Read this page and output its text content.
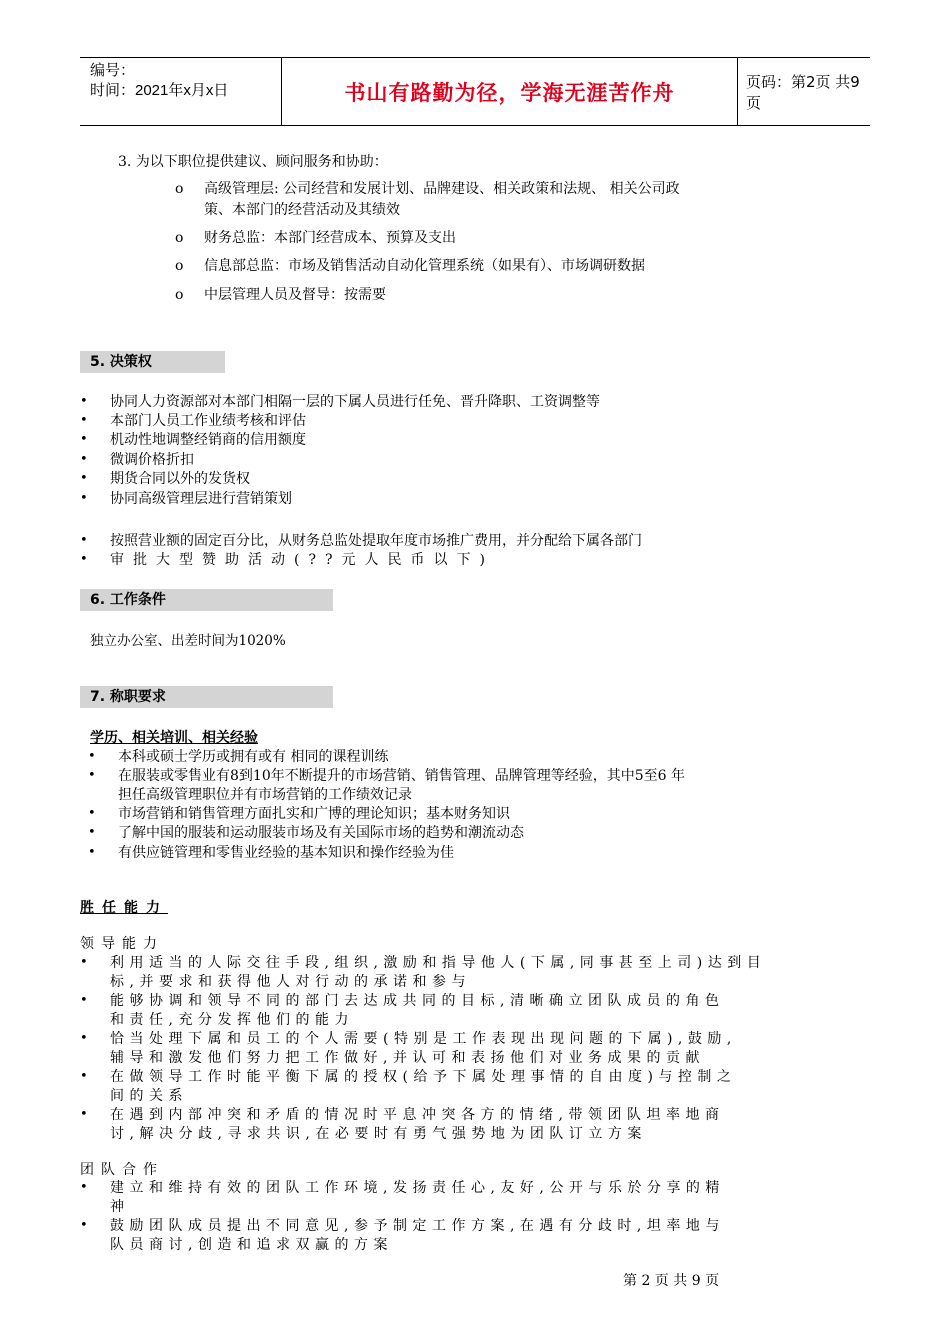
编号：
时间：2021年x月x日	书山有路勤为径，学海无涯苦作舟	页码：第2页 共9页
3. 为以下职位提供建议、顾问服务和协助：
o 高级管理层: 公司经营和发展计划、品牌建设、相关政策和法规、 相关公司政
策、本部门的经营活动及其绩效
o 财务总监：本部门经营成本、预算及支出
o 信息部总监：市场及销售活动自动化管理系统（如果有）、市场调研数据
o 中层管理人员及督导：按需要
5. 决策权
• 协同人力资源部对本部门相隔一层的下属人员进行任免、晋升降职、工资调整等
• 本部门人员工作业绩考核和评估
• 机动性地调整经销商的信用额度
• 微调价格折扣
• 期货合同以外的发货权
• 协同高级管理层进行营销策划
• 按照营业额的固定百分比，从财务总监处提取年度市场推广费用，并分配给下属各部门
• 审批大型赞助活动(??元人民币以下)
6. 工作条件
独立办公室、出差时间为1020%
7. 称职要求
学历、相关培训、相关经验
• 本科或硕士学历或拥有或有 相同的课程训练
• 在服装或零售业有8到10年不断提升的市场营销、销售管理、品牌管理等经验，其中5至6 年
担任高级管理职位并有市场营销的工作绩效记录
• 市场营销和销售管理方面扎实和广博的理论知识；基本财务知识
• 了解中国的服装和运动服装市场及有关国际市场的趋势和潮流动态
• 有供应链管理和零售业经验的基本知识和操作经验为佳
胜任能力
领导能力
• 利用适当的人际交往手段,组织,激励和指导他人(下属,同事甚至上司)达到目
标,并要求和获得他人对行动的承诺和参与
• 能够协调和领导不同的部门去达成共同的目标,清晰确立团队成员的角色
和责任,充分发挥他们的能力
• 恰当处理下属和员工的个人需要(特别是工作表现出现问题的下属),鼓励,
辅导和激发他们努力把工作做好,并认可和表扬他们对业务成果的贡献
• 在做领导工作时能平衡下属的授权(给予下属处理事情的自由度)与控制之
间的关系
• 在遇到内部冲突和矛盾的情况时平息冲突各方的情绪,带领团队坦率地商
讨,解决分歧,寻求共识,在必要时有勇气强势地为团队订立方案
团队合作
• 建立和维持有效的团队工作环境,发扬责任心,友好,公开与乐於分享的精
神
• 鼓励团队成员提出不同意见,参予制定工作方案,在遇有分歧时,坦率地与
队员商讨,创造和追求双赢的方案
第 2 页 共 9 页
